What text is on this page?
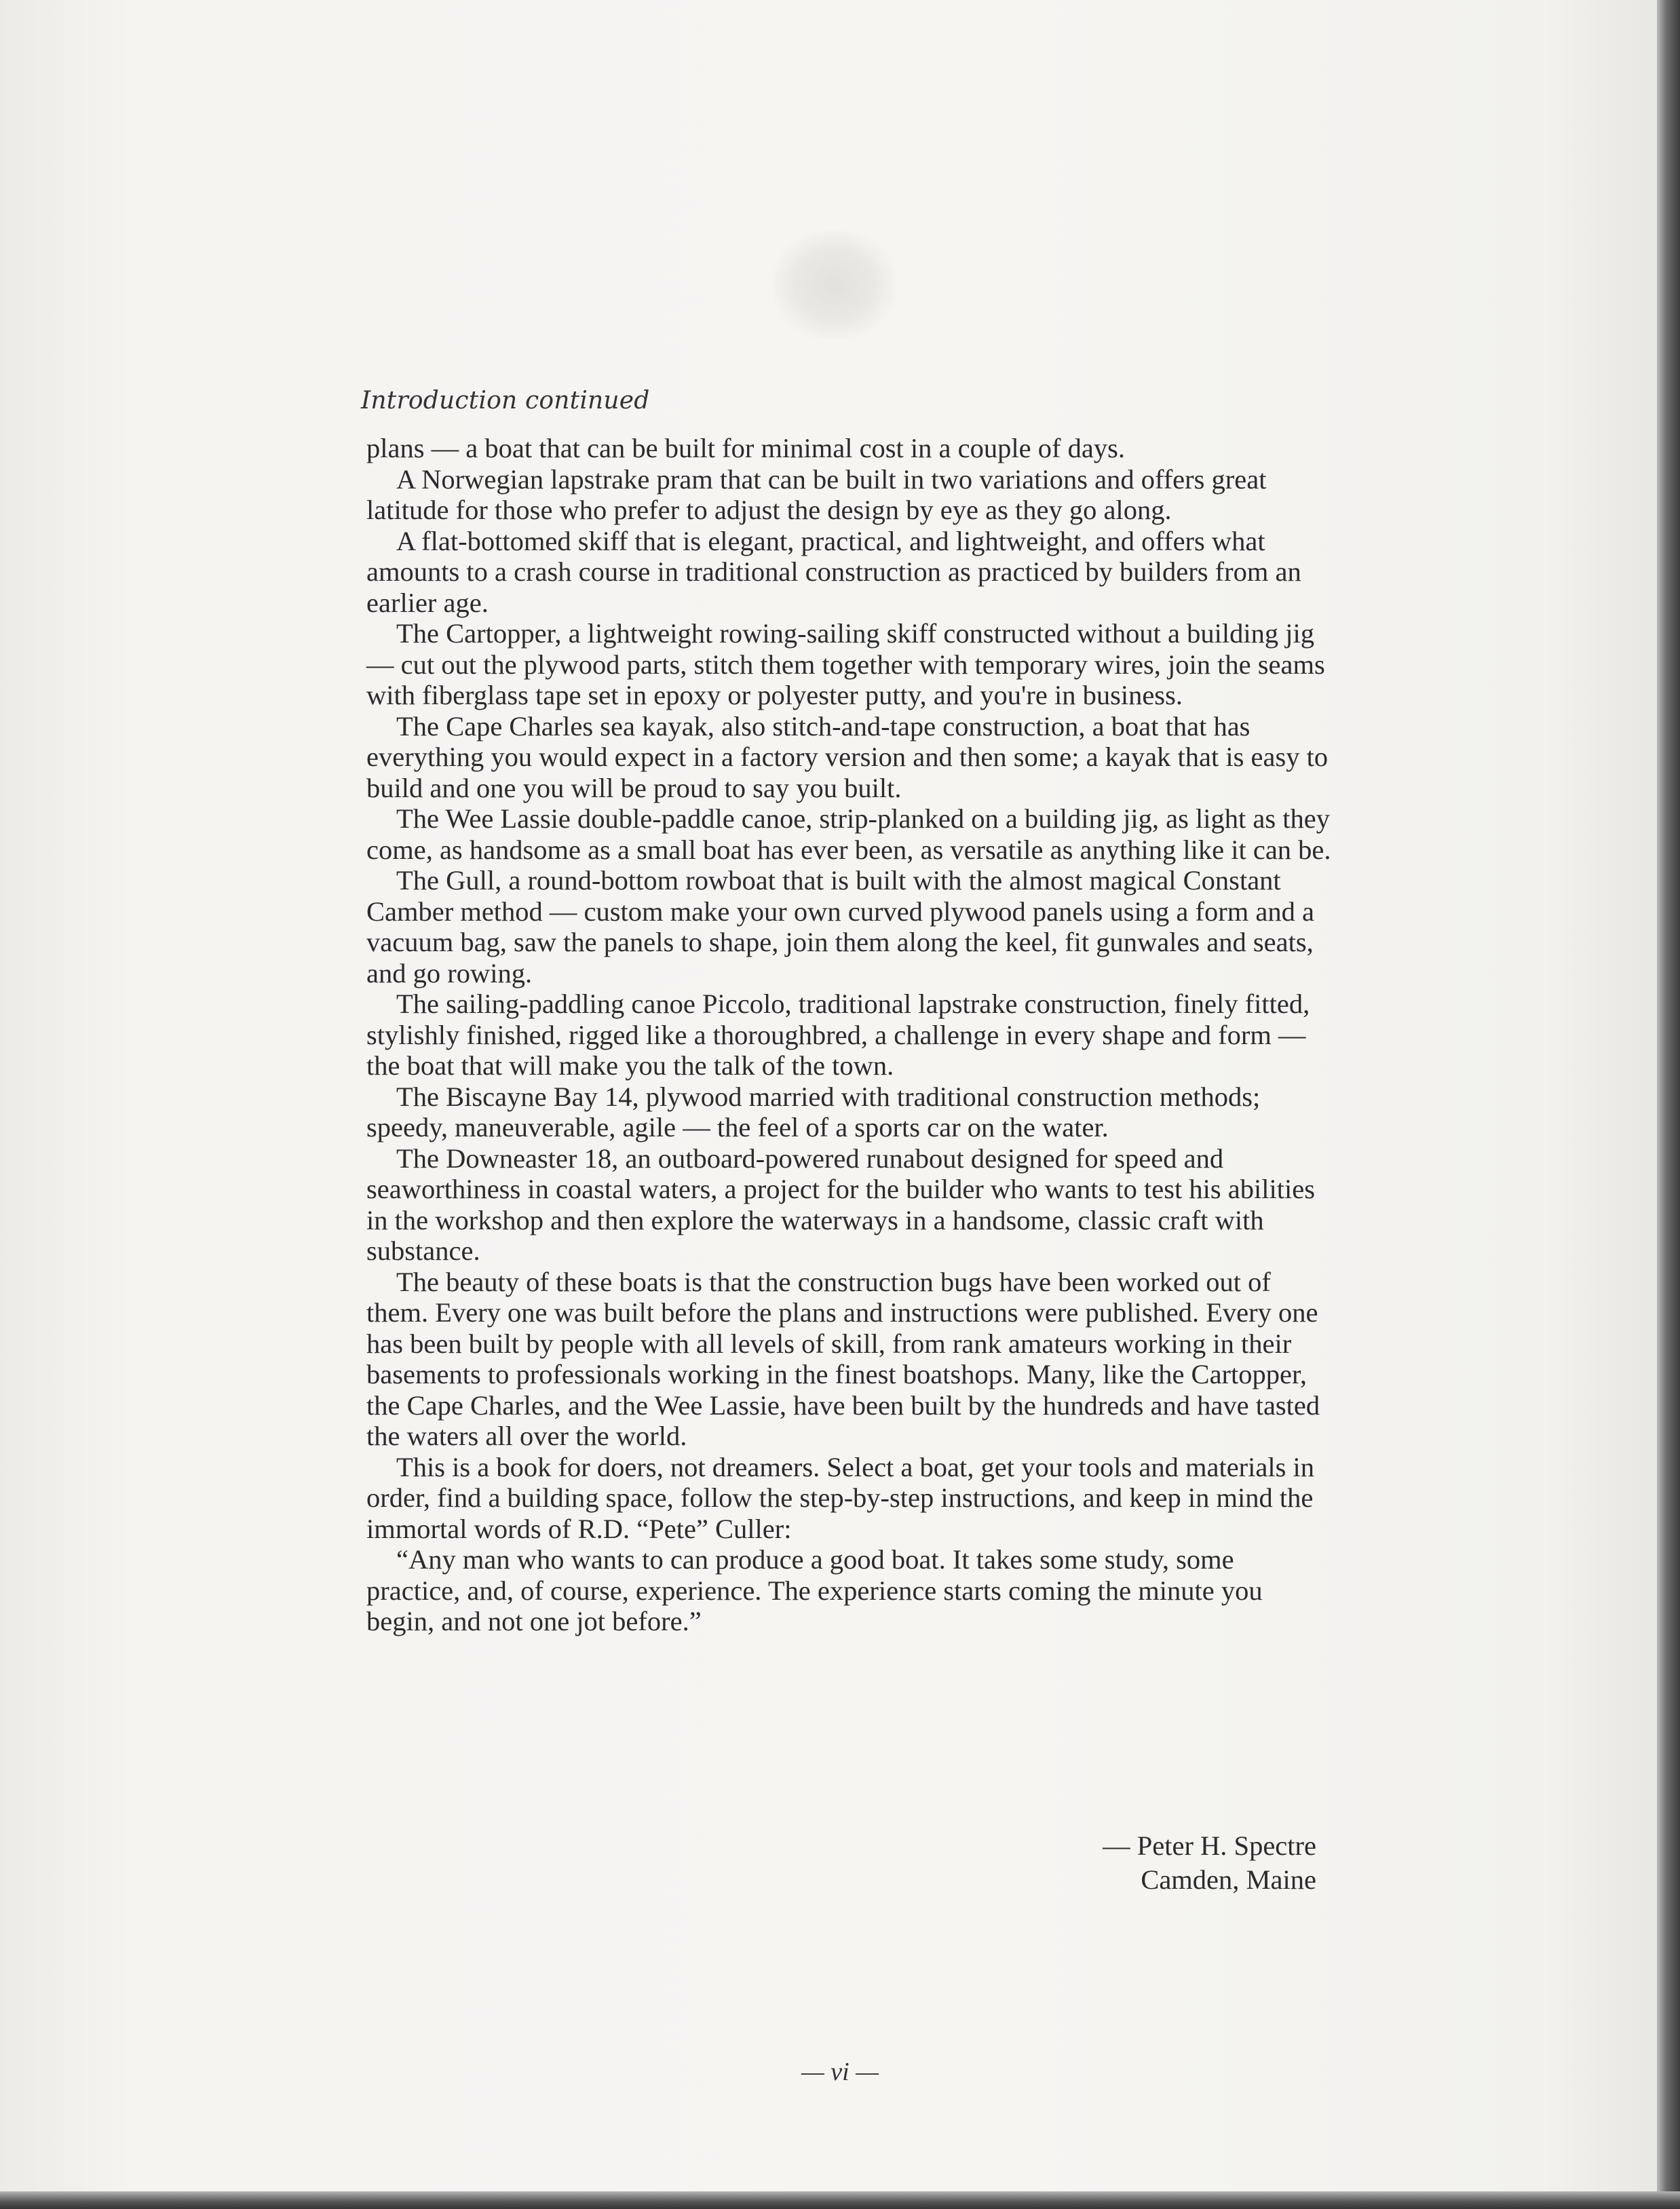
Introduction continued

plans — a boat that can be built for minimal cost in a couple of days.

A Norwegian lapstrake pram that can be built in two variations and offers great latitude for those who prefer to adjust the design by eye as they go along.

A flat-bottomed skiff that is elegant, practical, and lightweight, and offers what amounts to a crash course in traditional construction as practiced by builders from an earlier age.

The Cartopper, a lightweight rowing-sailing skiff constructed without a building jig — cut out the plywood parts, stitch them together with temporary wires, join the seams with fiberglass tape set in epoxy or polyester putty, and you're in business.

The Cape Charles sea kayak, also stitch-and-tape construction, a boat that has everything you would expect in a factory version and then some; a kayak that is easy to build and one you will be proud to say you built.

The Wee Lassie double-paddle canoe, strip-planked on a building jig, as light as they come, as handsome as a small boat has ever been, as versatile as anything like it can be.

The Gull, a round-bottom rowboat that is built with the almost magical Constant Camber method — custom make your own curved plywood panels using a form and a vacuum bag, saw the panels to shape, join them along the keel, fit gunwales and seats, and go rowing.

The sailing-paddling canoe Piccolo, traditional lapstrake construction, finely fitted, stylishly finished, rigged like a thoroughbred, a challenge in every shape and form — the boat that will make you the talk of the town.

The Biscayne Bay 14, plywood married with traditional construction methods; speedy, maneuverable, agile — the feel of a sports car on the water.

The Downeaster 18, an outboard-powered runabout designed for speed and seaworthiness in coastal waters, a project for the builder who wants to test his abilities in the workshop and then explore the waterways in a handsome, classic craft with substance.

The beauty of these boats is that the construction bugs have been worked out of them. Every one was built before the plans and instructions were published. Every one has been built by people with all levels of skill, from rank amateurs working in their basements to professionals working in the finest boatshops. Many, like the Cartopper, the Cape Charles, and the Wee Lassie, have been built by the hundreds and have tasted the waters all over the world.

This is a book for doers, not dreamers. Select a boat, get your tools and materials in order, find a building space, follow the step-by-step instructions, and keep in mind the immortal words of R.D. “Pete” Culler:

“Any man who wants to can produce a good boat. It takes some study, some practice, and, of course, experience. The experience starts coming the minute you begin, and not one jot before.”

— Peter H. Spectre
Camden, Maine
— vi —
